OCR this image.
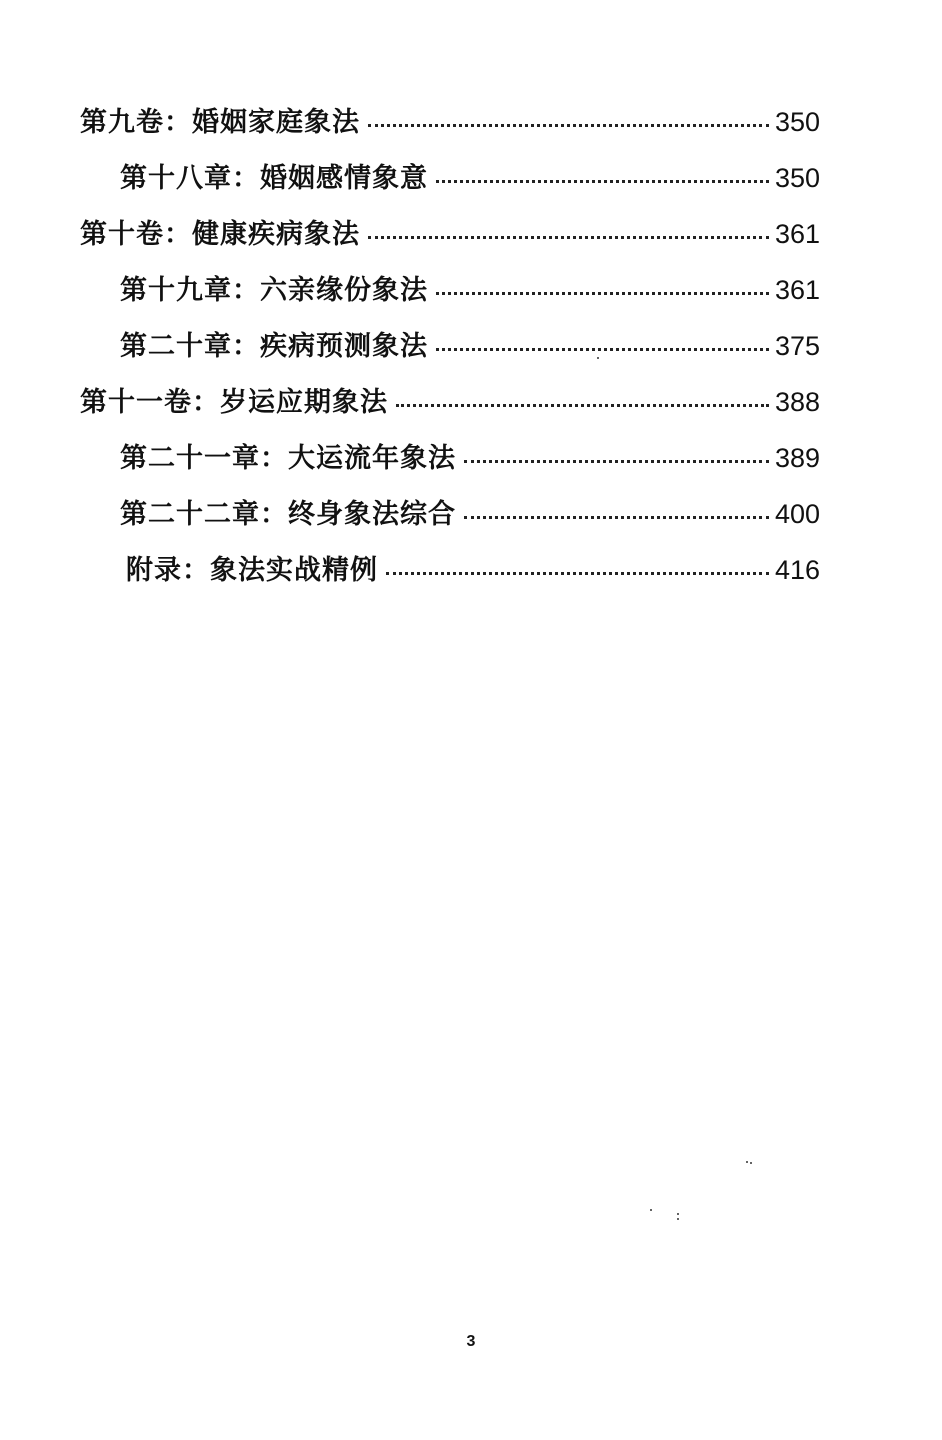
第九卷：婚姻家庭象法	350
第十八章：婚姻感情象意	350
第十卷：健康疾病象法	361
第十九章：六亲缘份象法	361
第二十章：疾病预测象法	375
第十一卷：岁运应期象法	388
第二十一章：大运流年象法	389
第二十二章：终身象法综合	400
附录：象法实战精例	416
3
